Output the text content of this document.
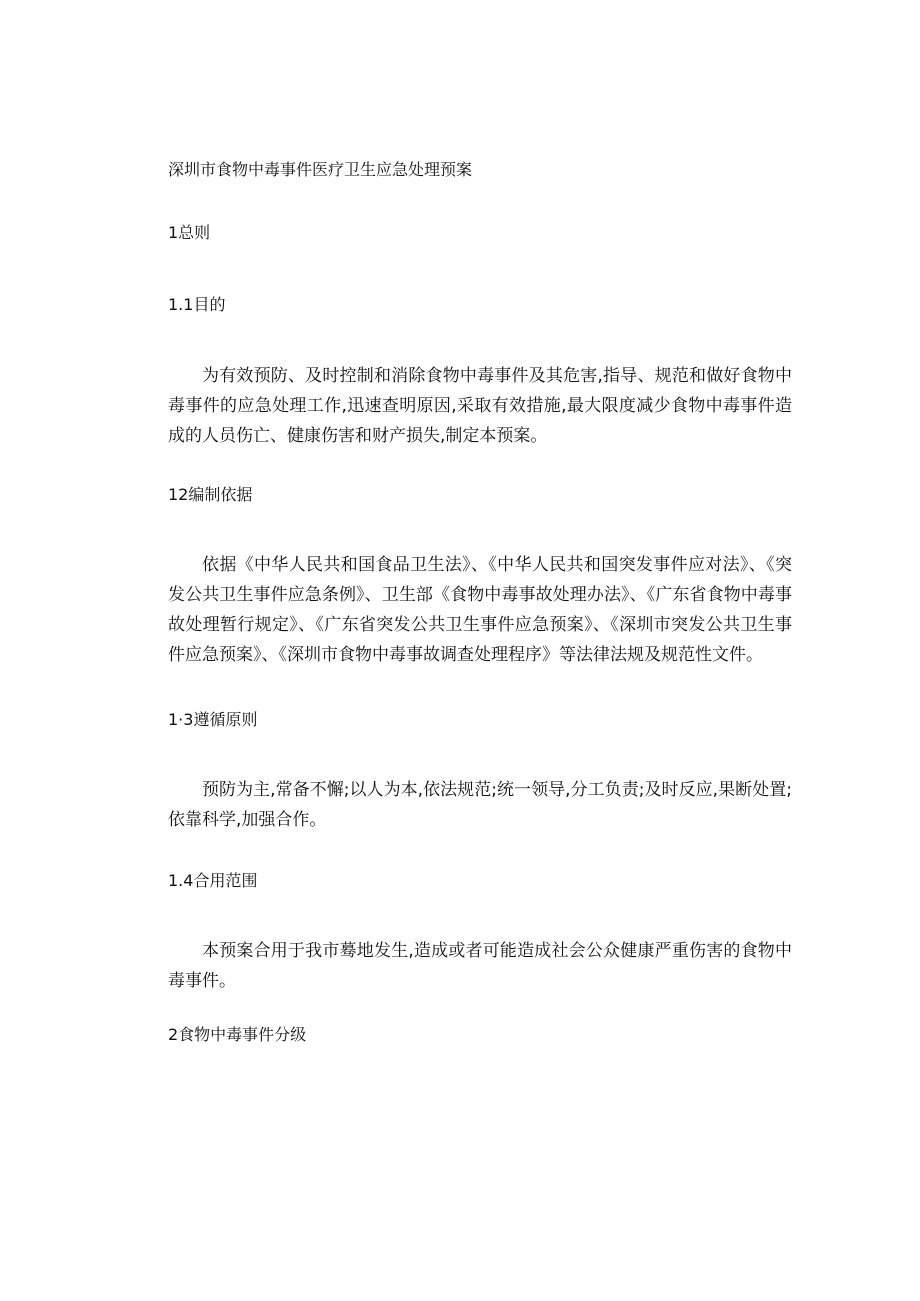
深圳市食物中毒事件医疗卫生应急处理预案
1总则
1.1目的
为有效预防、及时控制和消除食物中毒事件及其危害,指导、规范和做好食物中毒事件的应急处理工作,迅速查明原因,采取有效措施,最大限度减少食物中毒事件造成的人员伤亡、健康伤害和财产损失,制定本预案。
12编制依据
依据《中华人民共和国食品卫生法》、《中华人民共和国突发事件应对法》、《突发公共卫生事件应急条例》、卫生部《食物中毒事故处理办法》、《广东省食物中毒事故处理暂行规定》、《广东省突发公共卫生事件应急预案》、《深圳市突发公共卫生事件应急预案》、《深圳市食物中毒事故调查处理程序》等法律法规及规范性文件。
1·3遵循原则
预防为主,常备不懈;以人为本,依法规范;统一领导,分工负责;及时反应,果断处置;依靠科学,加强合作。
1.4合用范围
本预案合用于我市蓦地发生,造成或者可能造成社会公众健康严重伤害的食物中毒事件。
2食物中毒事件分级
